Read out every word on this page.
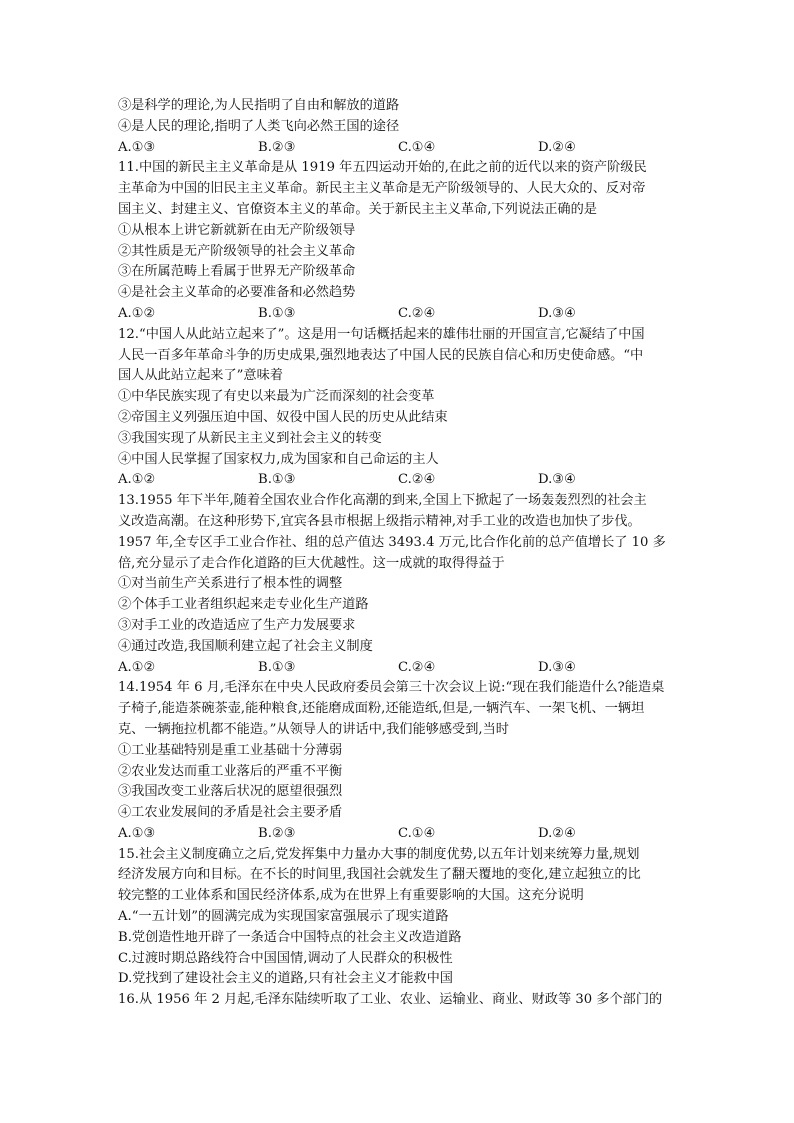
③是科学的理论,为人民指明了自由和解放的道路
④是人民的理论,指明了人类飞向必然王国的途径
A.①③	B.②③	C.①④	D.②④
11.中国的新民主主义革命是从 1919 年五四运动开始的,在此之前的近代以来的资产阶级民
主革命为中国的旧民主主义革命。新民主主义革命是无产阶级领导的、人民大众的、反对帝
国主义、封建主义、官僚资本主义的革命。关于新民主主义革命,下列说法正确的是
①从根本上讲它新就新在由无产阶级领导
②其性质是无产阶级领导的社会主义革命
③在所属范畴上看属于世界无产阶级革命
④是社会主义革命的必要准备和必然趋势
A.①②	B.①③	C.②④	D.③④
12.“中国人从此站立起来了”。这是用一句话概括起来的雄伟壮丽的开国宣言,它凝结了中国
人民一百多年革命斗争的历史成果,强烈地表达了中国人民的民族自信心和历史使命感。“中
国人从此站立起来了”意味着
①中华民族实现了有史以来最为广泛而深刻的社会变革
②帝国主义列强压迫中国、奴役中国人民的历史从此结束
③我国实现了从新民主主义到社会主义的转变
④中国人民掌握了国家权力,成为国家和自己命运的主人
A.①②	B.①③	C.②④	D.③④
13.1955 年下半年,随着全国农业合作化高潮的到来,全国上下掀起了一场轰轰烈烈的社会主
义改造高潮。在这种形势下,宜宾各县市根据上级指示精神,对手工业的改造也加快了步伐。
1957 年,全专区手工业合作社、组的总产值达 3493.4 万元,比合作化前的总产值增长了 10 多
倍,充分显示了走合作化道路的巨大优越性。这一成就的取得得益于
①对当前生产关系进行了根本性的调整
②个体手工业者组织起来走专业化生产道路
③对手工业的改造适应了生产力发展要求
④通过改造,我国顺利建立起了社会主义制度
A.①②	B.①③	C.②④	D.③④
14.1954 年 6 月,毛泽东在中央人民政府委员会第三十次会议上说:“现在我们能造什么?能造桌
子椅子,能造茶碗茶壶,能种粮食,还能磨成面粉,还能造纸,但是,一辆汽车、一架飞机、一辆坦
克、一辆拖拉机都不能造。”从领导人的讲话中,我们能够感受到,当时
①工业基础特别是重工业基础十分薄弱
②农业发达而重工业落后的严重不平衡
③我国改变工业落后状况的愿望很强烈
④工农业发展间的矛盾是社会主要矛盾
A.①③	B.②③	C.①④	D.②④
15.社会主义制度确立之后,党发挥集中力量办大事的制度优势,以五年计划来统筹力量,规划
经济发展方向和目标。在不长的时间里,我国社会就发生了翻天覆地的变化,建立起独立的比
较完整的工业体系和国民经济体系,成为在世界上有重要影响的大国。这充分说明
A.“一五计划”的圆满完成为实现国家富强展示了现实道路
B.党创造性地开辟了一条适合中国特点的社会主义改造道路
C.过渡时期总路线符合中国国情,调动了人民群众的积极性
D.党找到了建设社会主义的道路,只有社会主义才能救中国
16.从 1956 年 2 月起,毛泽东陆续听取了工业、农业、运输业、商业、财政等 30 多个部门的
